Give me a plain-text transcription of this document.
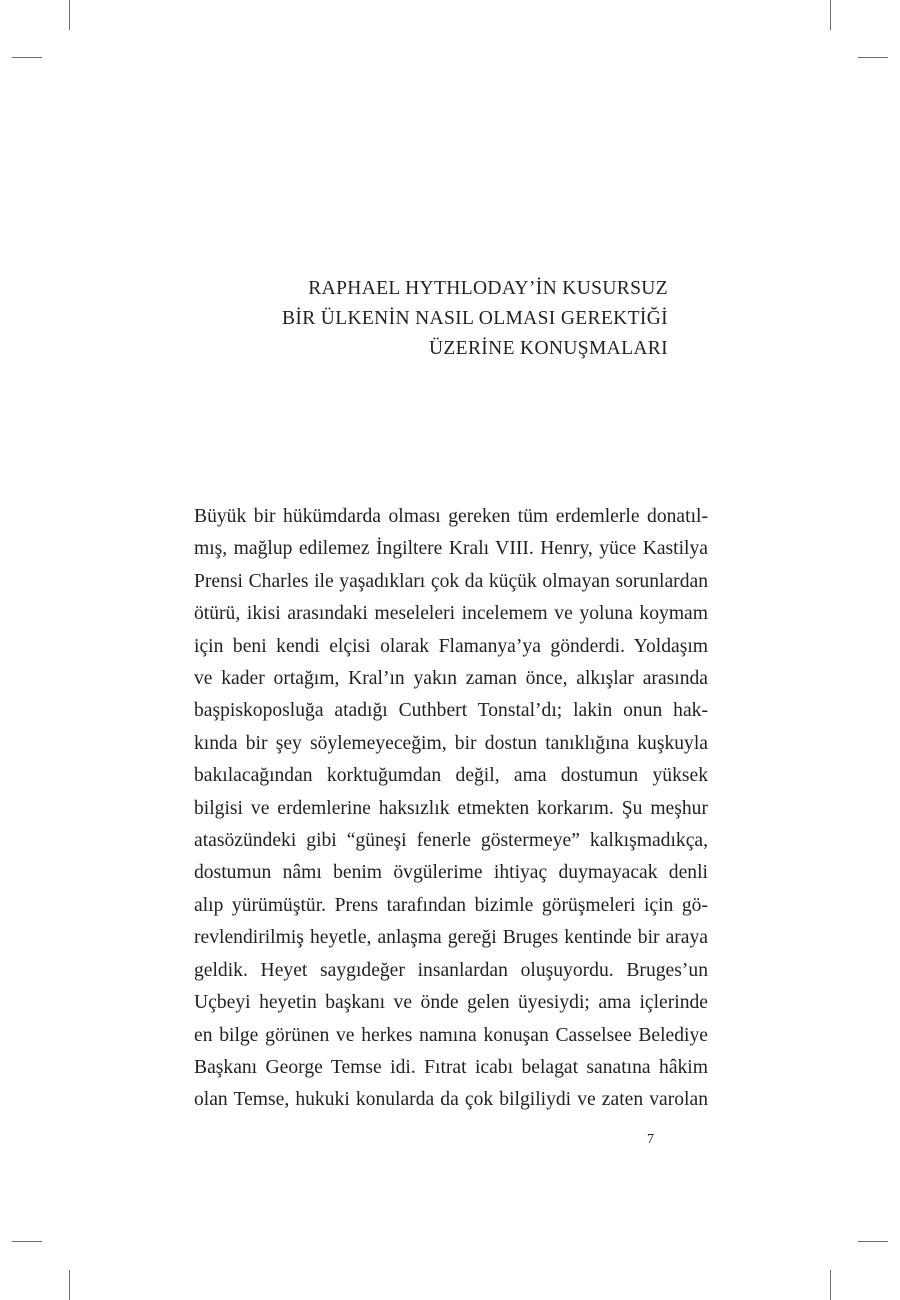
RAPHAEL HYTHLODAY’İN KUSURSUZ
BİR ÜLKENİN NASIL OLMASI GEREKTİĞİ
ÜZERİNE KONUŞMALARI
Büyük bir hükümdarda olması gereken tüm erdemlerle donatıl-
mış, mağlup edilemez İngiltere Kralı VIII. Henry, yüce Kastilya
Prensi Charles ile yaşadıkları çok da küçük olmayan sorunlardan
ötürü, ikisi arasındaki meseleleri incelemem ve yoluna koymam
için beni kendi elçisi olarak Flamanya’ya gönderdi. Yoldaşım
ve kader ortağım, Kral’ın yakın zaman önce, alkışlar arasında
başpiskoposluğa atadığı Cuthbert Tonstal’dı; lakin onun hak-
kında bir şey söylemeyeceğim, bir dostun tanıklığına kuşkuyla
bakılacağından korktuğumdan değil, ama dostumun yüksek
bilgisi ve erdemlerine haksızlık etmekten korkarım. Şu meşhur
atasözündeki gibi “güneşi fenerle göstermeye” kalkışmadıkça,
dostumun nâmı benim övgülerime ihtiyaç duymayacak denli
alıp yürümüştür. Prens tarafından bizimle görüşmeleri için gö-
revlendirilmiş heyetle, anlaşma gereği Bruges kentinde bir araya
geldik. Heyet saygıdeğer insanlardan oluşuyordu. Bruges’un
Uçbeyi heyetin başkanı ve önde gelen üyesiydi; ama içlerinde
en bilge görünen ve herkes namına konuşan Casselsee Belediye
Başkanı George Temse idi. Fıtrat icabı belagat sanatına hâkim
olan Temse, hukuki konularda da çok bilgiliydi ve zaten varolan
7
